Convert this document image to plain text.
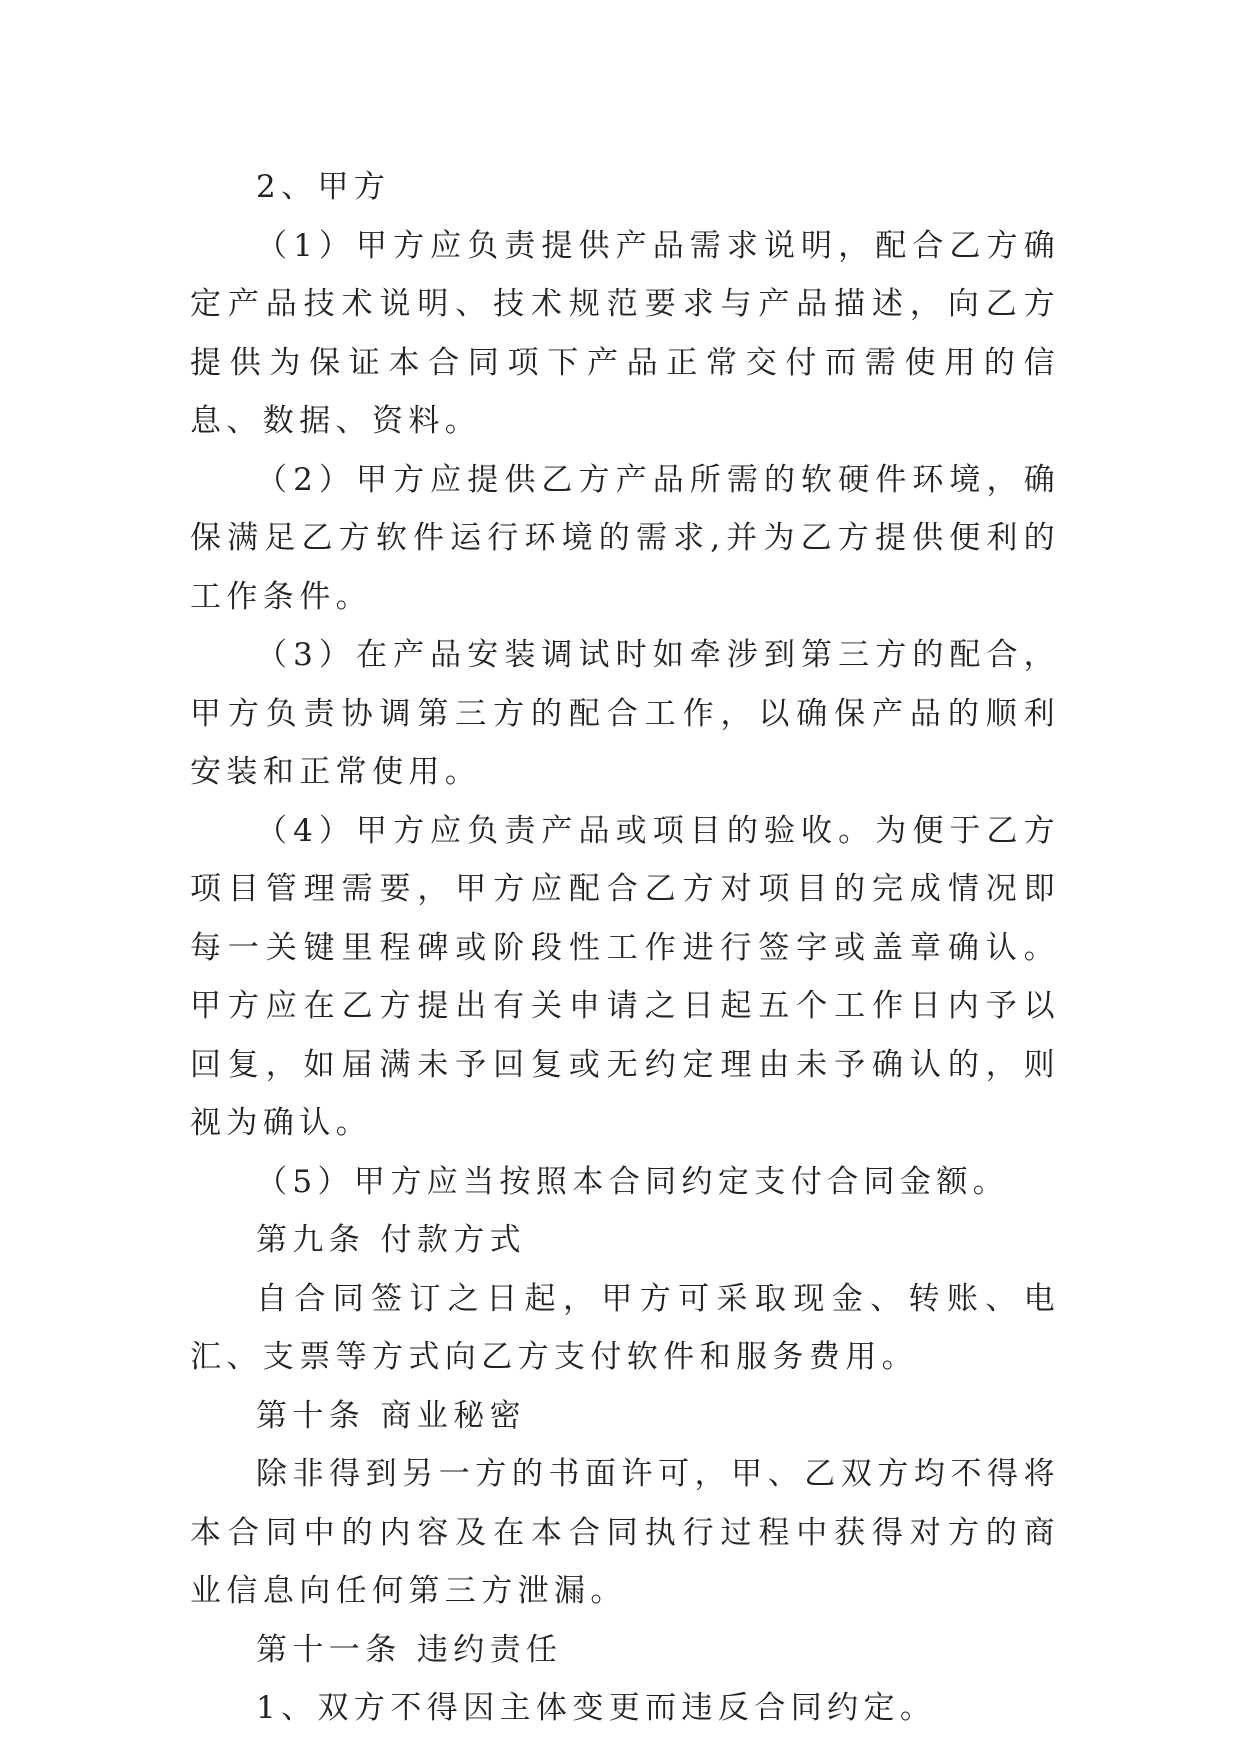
2、甲方

（1）甲方应负责提供产品需求说明，配合乙方确定产品技术说明、技术规范要求与产品描述，向乙方提供为保证本合同项下产品正常交付而需使用的信息、数据、资料。

（2）甲方应提供乙方产品所需的软硬件环境，确保满足乙方软件运行环境的需求,并为乙方提供便利的工作条件。

（3）在产品安装调试时如牵涉到第三方的配合，甲方负责协调第三方的配合工作，以确保产品的顺利安装和正常使用。

（4）甲方应负责产品或项目的验收。为便于乙方项目管理需要，甲方应配合乙方对项目的完成情况即每一关键里程碑或阶段性工作进行签字或盖章确认。甲方应在乙方提出有关申请之日起五个工作日内予以回复，如届满未予回复或无约定理由未予确认的，则视为确认。

（5）甲方应当按照本合同约定支付合同金额。

第九条 付款方式

自合同签订之日起，甲方可采取现金、转账、电汇、支票等方式向乙方支付软件和服务费用。

第十条 商业秘密

除非得到另一方的书面许可，甲、乙双方均不得将本合同中的内容及在本合同执行过程中获得对方的商业信息向任何第三方泄漏。

第十一条 违约责任

1、双方不得因主体变更而违反合同约定。
